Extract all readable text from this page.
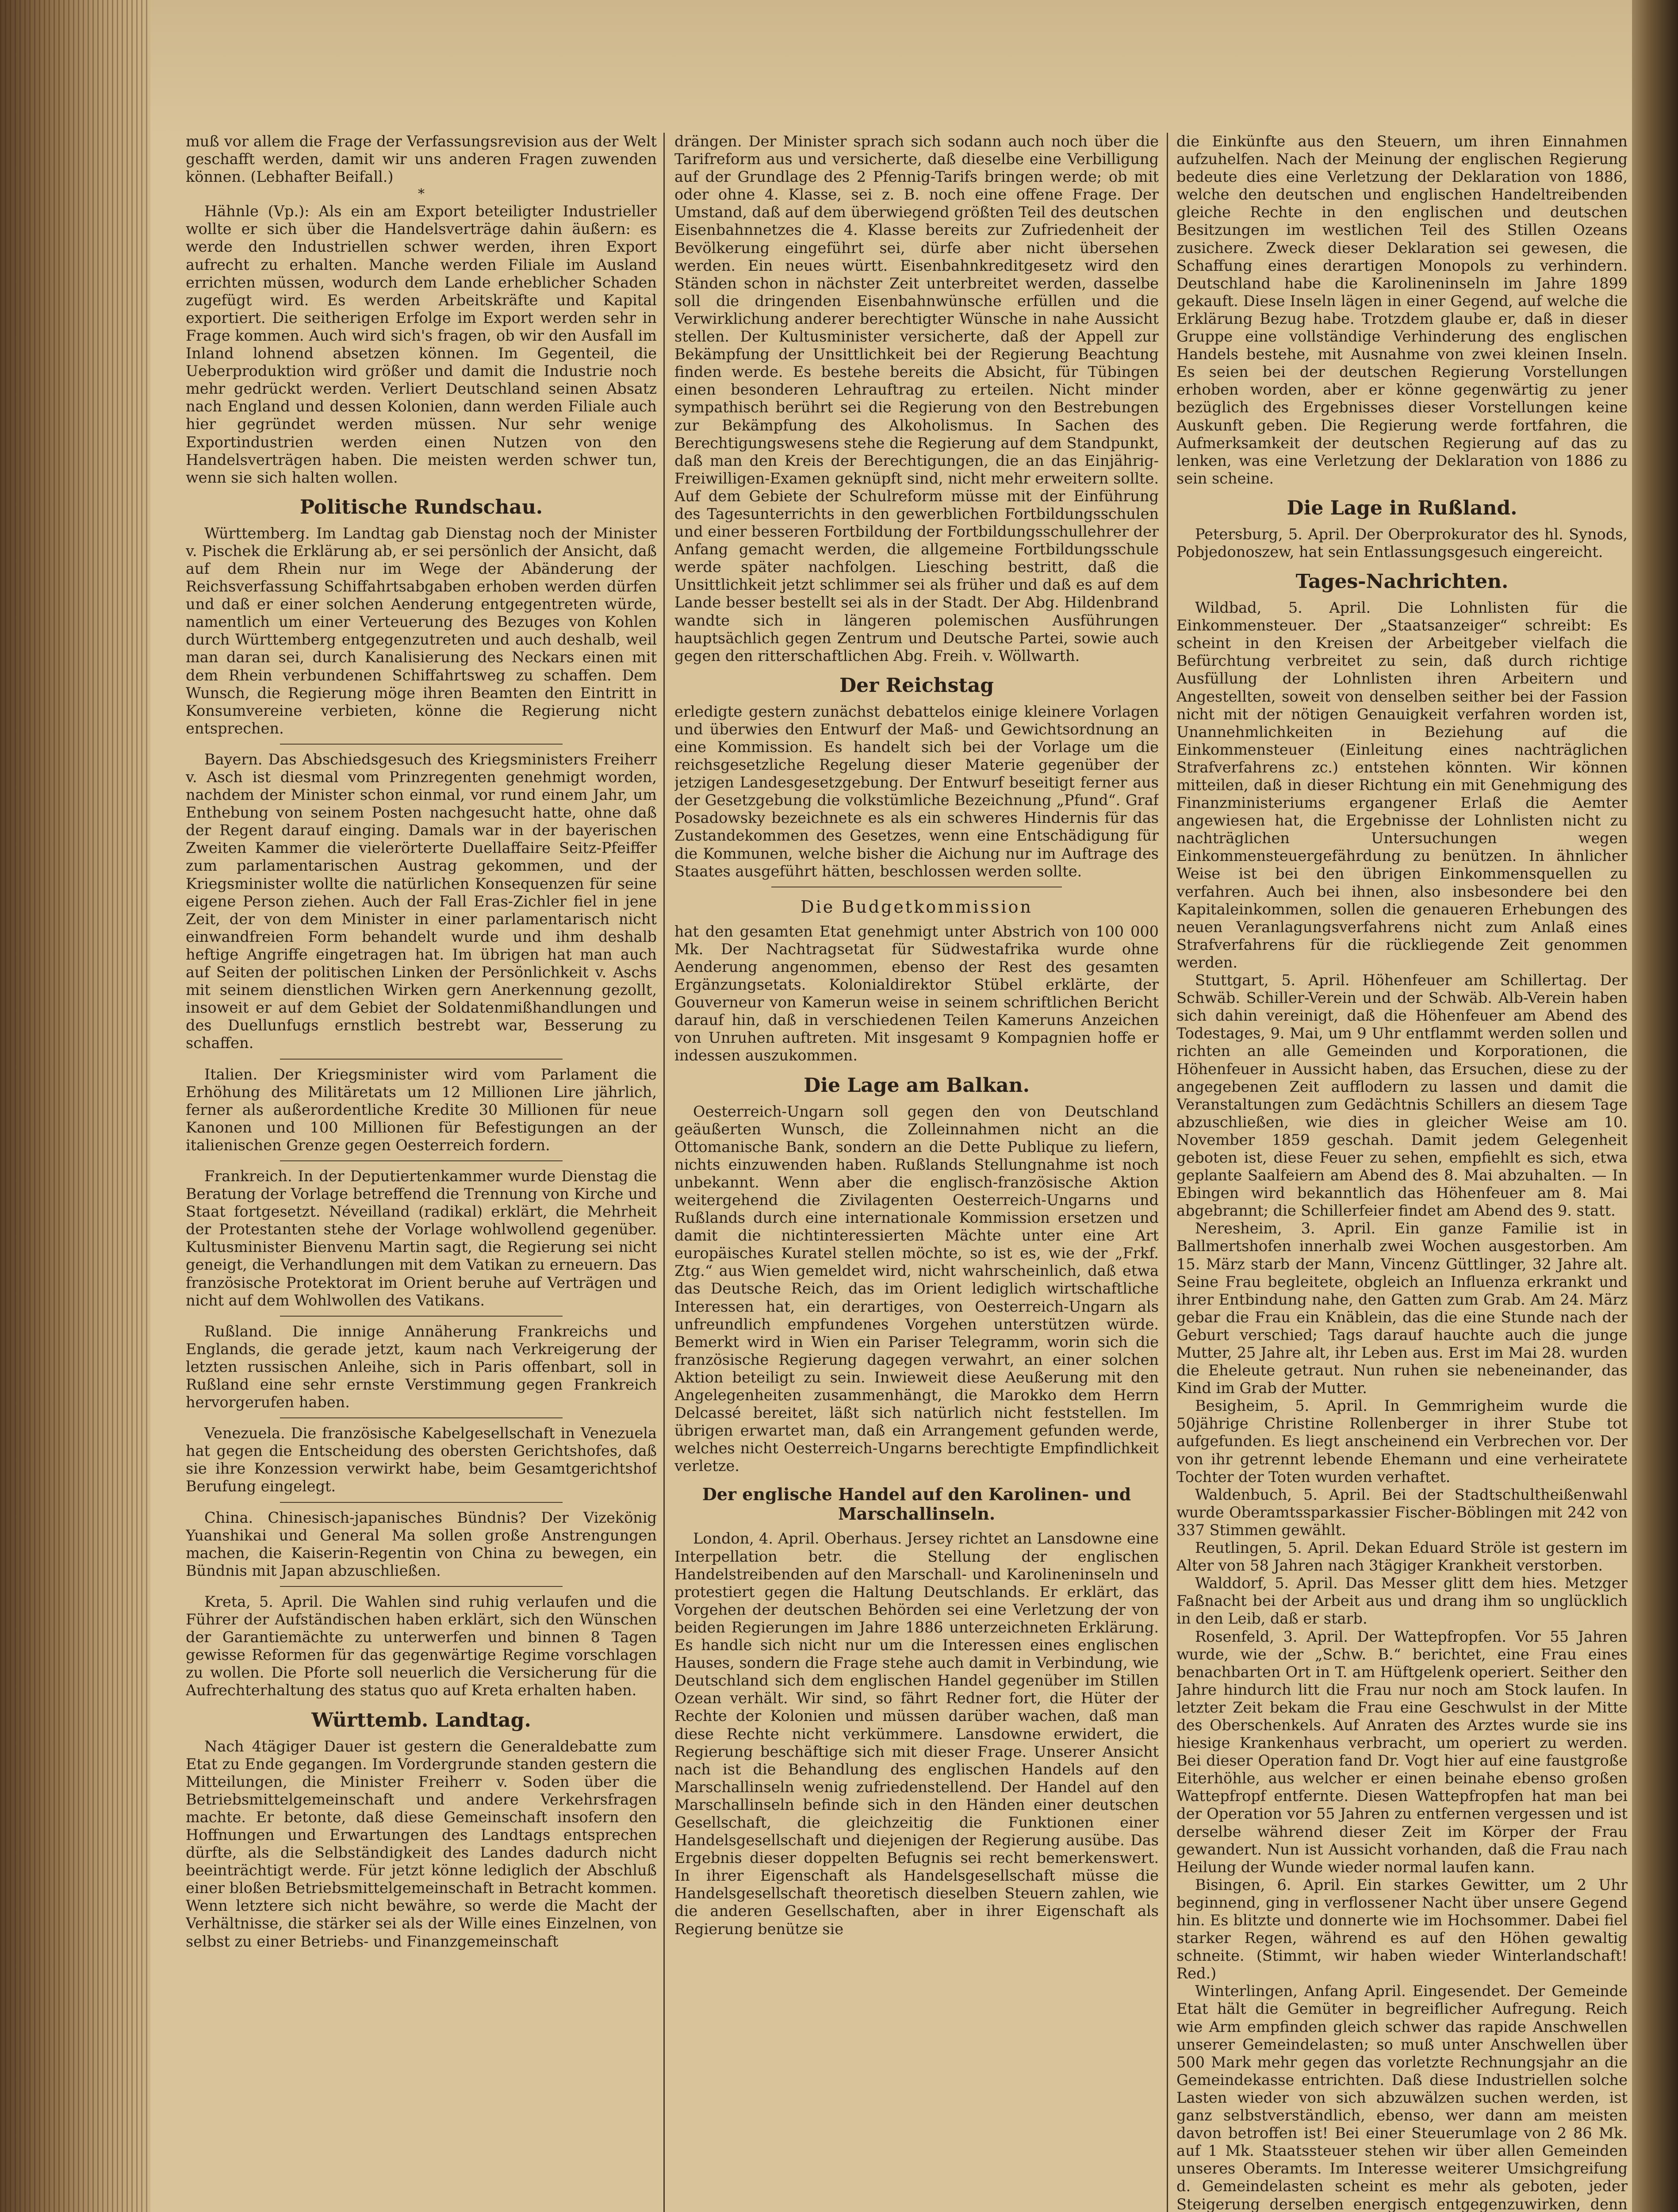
muß vor allem die Frage der Verfassungsrevision aus der Welt geschafft werden, damit wir uns anderen Fragen zuwenden können. (Lebhafter Beifall.)

*

Hähnle (Vp.): Als ein am Export beteiligter Industrieller wollte er sich über die Handelsverträge dahin äußern: es werde den Industriellen schwer werden, ihren Export aufrecht zu erhalten. Manche werden Filiale im Ausland errichten müssen, wodurch dem Lande erheblicher Schaden zugefügt wird. Es werden Arbeitskräfte und Kapital exportiert. Die seitherigen Erfolge im Export werden sehr in Frage kommen. Auch wird sich's fragen, ob wir den Ausfall im Inland lohnend absetzen können. Im Gegenteil, die Ueberproduktion wird größer und damit die Industrie noch mehr gedrückt werden. Verliert Deutschland seinen Absatz nach England und dessen Kolonien, dann werden Filiale auch hier gegründet werden müssen. Nur sehr wenige Exportindustrien werden einen Nutzen von den Handelsverträgen haben. Die meisten werden schwer tun, wenn sie sich halten wollen.

Politische Rundschau.

Württemberg. Im Landtag gab Dienstag noch der Minister v. Pischek die Erklärung ab, er sei persönlich der Ansicht, daß auf dem Rhein nur im Wege der Abänderung der Reichsverfassung Schiffahrtsabgaben erhoben werden dürfen und daß er einer solchen Aenderung entgegentreten würde, namentlich um einer Verteuerung des Bezuges von Kohlen durch Württemberg entgegenzutreten und auch deshalb, weil man daran sei, durch Kanalisierung des Neckars einen mit dem Rhein verbundenen Schiffahrtsweg zu schaffen. Dem Wunsch, die Regierung möge ihren Beamten den Eintritt in Konsumvereine verbieten, könne die Regierung nicht entsprechen.

Bayern. Das Abschiedsgesuch des Kriegsministers Freiherr v. Asch ist diesmal vom Prinzregenten genehmigt worden, nachdem der Minister schon einmal, vor rund einem Jahr, um Enthebung von seinem Posten nachgesucht hatte, ohne daß der Regent darauf einging. Damals war in der bayerischen Zweiten Kammer die vielerörterte Duellaffaire Seitz-Pfeiffer zum parlamentarischen Austrag gekommen, und der Kriegsminister wollte die natürlichen Konsequenzen für seine eigene Person ziehen. Auch der Fall Eras-Zichler fiel in jene Zeit, der von dem Minister in einer parlamentarisch nicht einwandfreien Form behandelt wurde und ihm deshalb heftige Angriffe eingetragen hat. Im übrigen hat man auch auf Seiten der politischen Linken der Persönlichkeit v. Aschs mit seinem dienstlichen Wirken gern Anerkennung gezollt, insoweit er auf dem Gebiet der Soldatenmißhandlungen und des Duellunfugs ernstlich bestrebt war, Besserung zu schaffen.

Italien. Der Kriegsminister wird vom Parlament die Erhöhung des Militäretats um 12 Millionen Lire jährlich, ferner als außerordentliche Kredite 30 Millionen für neue Kanonen und 100 Millionen für Befestigungen an der italienischen Grenze gegen Oesterreich fordern.

Frankreich. In der Deputiertenkammer wurde Dienstag die Beratung der Vorlage betreffend die Trennung von Kirche und Staat fortgesetzt. Néveilland (radikal) erklärt, die Mehrheit der Protestanten stehe der Vorlage wohlwollend gegenüber. Kultusminister Bienvenu Martin sagt, die Regierung sei nicht geneigt, die Verhandlungen mit dem Vatikan zu erneuern. Das französische Protektorat im Orient beruhe auf Verträgen und nicht auf dem Wohlwollen des Vatikans.

Rußland. Die innige Annäherung Frankreichs und Englands, die gerade jetzt, kaum nach Verkreigerung der letzten russischen Anleihe, sich in Paris offenbart, soll in Rußland eine sehr ernste Verstimmung gegen Frankreich hervorgerufen haben.

Venezuela. Die französische Kabelgesellschaft in Venezuela hat gegen die Entscheidung des obersten Gerichtshofes, daß sie ihre Konzession verwirkt habe, beim Gesamtgerichtshof Berufung eingelegt.

China. Chinesisch-japanisches Bündnis? Der Vizekönig Yuanshikai und General Ma sollen große Anstrengungen machen, die Kaiserin-Regentin von China zu bewegen, ein Bündnis mit Japan abzuschließen.

Kreta, 5. April. Die Wahlen sind ruhig verlaufen und die Führer der Aufständischen haben erklärt, sich den Wünschen der Garantiemächte zu unterwerfen und binnen 8 Tagen gewisse Reformen für das gegenwärtige Regime vorschlagen zu wollen. Die Pforte soll neuerlich die Versicherung für die Aufrechterhaltung des status quo auf Kreta erhalten haben.

Württemb. Landtag.

Nach 4tägiger Dauer ist gestern die Generaldebatte zum Etat zu Ende gegangen. Im Vordergrunde standen gestern die Mitteilungen, die Minister Freiherr v. Soden über die Betriebsmittelgemeinschaft und andere Verkehrsfragen machte. Er betonte, daß diese Gemeinschaft insofern den Hoffnungen und Erwartungen des Landtags entsprechen dürfte, als die Selbständigkeit des Landes dadurch nicht beeinträchtigt werde. Für jetzt könne lediglich der Abschluß einer bloßen Betriebsmittelgemeinschaft in Betracht kommen. Wenn letztere sich nicht bewähre, so werde die Macht der Verhältnisse, die stärker sei als der Wille eines Einzelnen, von selbst zu einer Betriebs- und Finanzgemeinschaft

drängen. Der Minister sprach sich sodann auch noch über die Tarifreform aus und versicherte, daß dieselbe eine Verbilligung auf der Grundlage des 2 Pfennig-Tarifs bringen werde; ob mit oder ohne 4. Klasse, sei z. B. noch eine offene Frage. Der Umstand, daß auf dem überwiegend größten Teil des deutschen Eisenbahnnetzes die 4. Klasse bereits zur Zufriedenheit der Bevölkerung eingeführt sei, dürfe aber nicht übersehen werden. Ein neues württ. Eisenbahnkreditgesetz wird den Ständen schon in nächster Zeit unterbreitet werden, dasselbe soll die dringenden Eisenbahnwünsche erfüllen und die Verwirklichung anderer berechtigter Wünsche in nahe Aussicht stellen. Der Kultusminister versicherte, daß der Appell zur Bekämpfung der Unsittlichkeit bei der Regierung Beachtung finden werde. Es bestehe bereits die Absicht, für Tübingen einen besonderen Lehrauftrag zu erteilen. Nicht minder sympathisch berührt sei die Regierung von den Bestrebungen zur Bekämpfung des Alkoholismus. In Sachen des Berechtigungswesens stehe die Regierung auf dem Standpunkt, daß man den Kreis der Berechtigungen, die an das Einjährig-Freiwilligen-Examen geknüpft sind, nicht mehr erweitern sollte. Auf dem Gebiete der Schulreform müsse mit der Einführung des Tagesunterrichts in den gewerblichen Fortbildungsschulen und einer besseren Fortbildung der Fortbildungsschullehrer der Anfang gemacht werden, die allgemeine Fortbildungsschule werde später nachfolgen. Liesching bestritt, daß die Unsittlichkeit jetzt schlimmer sei als früher und daß es auf dem Lande besser bestellt sei als in der Stadt. Der Abg. Hildenbrand wandte sich in längeren polemischen Ausführungen hauptsächlich gegen Zentrum und Deutsche Partei, sowie auch gegen den ritterschaftlichen Abg. Freih. v. Wöllwarth.

Der Reichstag

erledigte gestern zunächst debattelos einige kleinere Vorlagen und überwies den Entwurf der Maß- und Gewichtsordnung an eine Kommission. Es handelt sich bei der Vorlage um die reichsgesetzliche Regelung dieser Materie gegenüber der jetzigen Landesgesetzgebung. Der Entwurf beseitigt ferner aus der Gesetzgebung die volkstümliche Bezeichnung „Pfund“. Graf Posadowsky bezeichnete es als ein schweres Hindernis für das Zustandekommen des Gesetzes, wenn eine Entschädigung für die Kommunen, welche bisher die Aichung nur im Auftrage des Staates ausgeführt hätten, beschlossen werden sollte.

Die Budgetkommission

hat den gesamten Etat genehmigt unter Abstrich von 100 000 Mk. Der Nachtragsetat für Südwestafrika wurde ohne Aenderung angenommen, ebenso der Rest des gesamten Ergänzungsetats. Kolonialdirektor Stübel erklärte, der Gouverneur von Kamerun weise in seinem schriftlichen Bericht darauf hin, daß in verschiedenen Teilen Kameruns Anzeichen von Unruhen auftreten. Mit insgesamt 9 Kompagnien hoffe er indessen auszukommen.

Die Lage am Balkan.

Oesterreich-Ungarn soll gegen den von Deutschland geäußerten Wunsch, die Zolleinnahmen nicht an die Ottomanische Bank, sondern an die Dette Publique zu liefern, nichts einzuwenden haben. Rußlands Stellungnahme ist noch unbekannt. Wenn aber die englisch-französische Aktion weitergehend die Zivilagenten Oesterreich-Ungarns und Rußlands durch eine internationale Kommission ersetzen und damit die nichtinteressierten Mächte unter eine Art europäisches Kuratel stellen möchte, so ist es, wie der „Frkf. Ztg.“ aus Wien gemeldet wird, nicht wahrscheinlich, daß etwa das Deutsche Reich, das im Orient lediglich wirtschaftliche Interessen hat, ein derartiges, von Oesterreich-Ungarn als unfreundlich empfundenes Vorgehen unterstützen würde. Bemerkt wird in Wien ein Pariser Telegramm, worin sich die französische Regierung dagegen verwahrt, an einer solchen Aktion beteiligt zu sein. Inwieweit diese Aeußerung mit den Angelegenheiten zusammenhängt, die Marokko dem Herrn Delcassé bereitet, läßt sich natürlich nicht feststellen. Im übrigen erwartet man, daß ein Arrangement gefunden werde, welches nicht Oesterreich-Ungarns berechtigte Empfindlichkeit verletze.

Der englische Handel auf den Karolinen- und Marschallinseln.

London, 4. April. Oberhaus. Jersey richtet an Lansdowne eine Interpellation betr. die Stellung der englischen Handelstreibenden auf den Marschall- und Karolineninseln und protestiert gegen die Haltung Deutschlands. Er erklärt, das Vorgehen der deutschen Behörden sei eine Verletzung der von beiden Regierungen im Jahre 1886 unterzeichneten Erklärung. Es handle sich nicht nur um die Interessen eines englischen Hauses, sondern die Frage stehe auch damit in Verbindung, wie Deutschland sich dem englischen Handel gegenüber im Stillen Ozean verhält. Wir sind, so fährt Redner fort, die Hüter der Rechte der Kolonien und müssen darüber wachen, daß man diese Rechte nicht verkümmere. Lansdowne erwidert, die Regierung beschäftige sich mit dieser Frage. Unserer Ansicht nach ist die Behandlung des englischen Handels auf den Marschallinseln wenig zufriedenstellend. Der Handel auf den Marschallinseln befinde sich in den Händen einer deutschen Gesellschaft, die gleichzeitig die Funktionen einer Handelsgesellschaft und diejenigen der Regierung ausübe. Das Ergebnis dieser doppelten Befugnis sei recht bemerkenswert. In ihrer Eigenschaft als Handelsgesellschaft müsse die Handelsgesellschaft theoretisch dieselben Steuern zahlen, wie die anderen Gesellschaften, aber in ihrer Eigenschaft als Regierung benütze sie

die Einkünfte aus den Steuern, um ihren Einnahmen aufzuhelfen. Nach der Meinung der englischen Regierung bedeute dies eine Verletzung der Deklaration von 1886, welche den deutschen und englischen Handeltreibenden gleiche Rechte in den englischen und deutschen Besitzungen im westlichen Teil des Stillen Ozeans zusichere. Zweck dieser Deklaration sei gewesen, die Schaffung eines derartigen Monopols zu verhindern. Deutschland habe die Karolineninseln im Jahre 1899 gekauft. Diese Inseln lägen in einer Gegend, auf welche die Erklärung Bezug habe. Trotzdem glaube er, daß in dieser Gruppe eine vollständige Verhinderung des englischen Handels bestehe, mit Ausnahme von zwei kleinen Inseln. Es seien bei der deutschen Regierung Vorstellungen erhoben worden, aber er könne gegenwärtig zu jener bezüglich des Ergebnisses dieser Vorstellungen keine Auskunft geben. Die Regierung werde fortfahren, die Aufmerksamkeit der deutschen Regierung auf das zu lenken, was eine Verletzung der Deklaration von 1886 zu sein scheine.

Die Lage in Rußland.

Petersburg, 5. April. Der Oberprokurator des hl. Synods, Pobjedonoszew, hat sein Entlassungsgesuch eingereicht.

Tages-Nachrichten.

Wildbad, 5. April. Die Lohnlisten für die Einkommensteuer. Der „Staatsanzeiger“ schreibt: Es scheint in den Kreisen der Arbeitgeber vielfach die Befürchtung verbreitet zu sein, daß durch richtige Ausfüllung der Lohnlisten ihren Arbeitern und Angestellten, soweit von denselben seither bei der Fassion nicht mit der nötigen Genauigkeit verfahren worden ist, Unannehmlichkeiten in Beziehung auf die Einkommensteuer (Einleitung eines nachträglichen Strafverfahrens zc.) entstehen könnten. Wir können mitteilen, daß in dieser Richtung ein mit Genehmigung des Finanzministeriums ergangener Erlaß die Aemter angewiesen hat, die Ergebnisse der Lohnlisten nicht zu nachträglichen Untersuchungen wegen Einkommensteuergefährdung zu benützen. In ähnlicher Weise ist bei den übrigen Einkommensquellen zu verfahren. Auch bei ihnen, also insbesondere bei den Kapitaleinkommen, sollen die genaueren Erhebungen des neuen Veranlagungsverfahrens nicht zum Anlaß eines Strafverfahrens für die rückliegende Zeit genommen werden.

Stuttgart, 5. April. Höhenfeuer am Schillertag. Der Schwäb. Schiller-Verein und der Schwäb. Alb-Verein haben sich dahin vereinigt, daß die Höhenfeuer am Abend des Todestages, 9. Mai, um 9 Uhr entflammt werden sollen und richten an alle Gemeinden und Korporationen, die Höhenfeuer in Aussicht haben, das Ersuchen, diese zu der angegebenen Zeit aufflodern zu lassen und damit die Veranstaltungen zum Gedächtnis Schillers an diesem Tage abzuschließen, wie dies in gleicher Weise am 10. November 1859 geschah. Damit jedem Gelegenheit geboten ist, diese Feuer zu sehen, empfiehlt es sich, etwa geplante Saalfeiern am Abend des 8. Mai abzuhalten. — In Ebingen wird bekanntlich das Höhenfeuer am 8. Mai abgebrannt; die Schillerfeier findet am Abend des 9. statt.

Neresheim, 3. April. Ein ganze Familie ist in Ballmertshofen innerhalb zwei Wochen ausgestorben. Am 15. März starb der Mann, Vincenz Güttlinger, 32 Jahre alt. Seine Frau begleitete, obgleich an Influenza erkrankt und ihrer Entbindung nahe, den Gatten zum Grab. Am 24. März gebar die Frau ein Knäblein, das die eine Stunde nach der Geburt verschied; Tags darauf hauchte auch die junge Mutter, 25 Jahre alt, ihr Leben aus. Erst im Mai 28. wurden die Eheleute getraut. Nun ruhen sie nebeneinander, das Kind im Grab der Mutter.

Besigheim, 5. April. In Gemmrigheim wurde die 50jährige Christine Rollenberger in ihrer Stube tot aufgefunden. Es liegt anscheinend ein Verbrechen vor. Der von ihr getrennt lebende Ehemann und eine verheiratete Tochter der Toten wurden verhaftet.

Waldenbuch, 5. April. Bei der Stadtschultheißenwahl wurde Oberamtssparkassier Fischer-Böblingen mit 242 von 337 Stimmen gewählt.

Reutlingen, 5. April. Dekan Eduard Ströle ist gestern im Alter von 58 Jahren nach 3tägiger Krankheit verstorben.

Walddorf, 5. April. Das Messer glitt dem hies. Metzger Faßnacht bei der Arbeit aus und drang ihm so unglücklich in den Leib, daß er starb.

Rosenfeld, 3. April. Der Wattepfropfen. Vor 55 Jahren wurde, wie der „Schw. B.“ berichtet, eine Frau eines benachbarten Ort in T. am Hüftgelenk operiert. Seither den Jahre hindurch litt die Frau nur noch am Stock laufen. In letzter Zeit bekam die Frau eine Geschwulst in der Mitte des Oberschenkels. Auf Anraten des Arztes wurde sie ins hiesige Krankenhaus verbracht, um operiert zu werden. Bei dieser Operation fand Dr. Vogt hier auf eine faustgroße Eiterhöhle, aus welcher er einen beinahe ebenso großen Wattepfropf entfernte. Diesen Wattepfropfen hat man bei der Operation vor 55 Jahren zu entfernen vergessen und ist derselbe während dieser Zeit im Körper der Frau gewandert. Nun ist Aussicht vorhanden, daß die Frau nach Heilung der Wunde wieder normal laufen kann.

Bisingen, 6. April. Ein starkes Gewitter, um 2 Uhr beginnend, ging in verflossener Nacht über unsere Gegend hin. Es blitzte und donnerte wie im Hochsommer. Dabei fiel starker Regen, während es auf den Höhen gewaltig schneite. (Stimmt, wir haben wieder Winterlandschaft! Red.)

Winterlingen, Anfang April. Eingesendet. Der Gemeinde Etat hält die Gemüter in begreiflicher Aufregung. Reich wie Arm empfinden gleich schwer das rapide Anschwellen unserer Gemeindelasten; so muß unter Anschwellen über 500 Mark mehr gegen das vorletzte Rechnungsjahr an die Gemeindekasse entrichten. Daß diese Industriellen solche Lasten wieder von sich abzuwälzen suchen werden, ist ganz selbstverständlich, ebenso, wer dann am meisten davon betroffen ist! Bei einer Steuerumlage von 2 86 Mk. auf 1 Mk. Staatssteuer stehen wir über allen Gemeinden unseres Oberamts. Im Interesse weiterer Umsichgreifung d. Gemeindelasten scheint es mehr als geboten, jeder Steigerung derselben energisch entgegenzuwirken, denn
